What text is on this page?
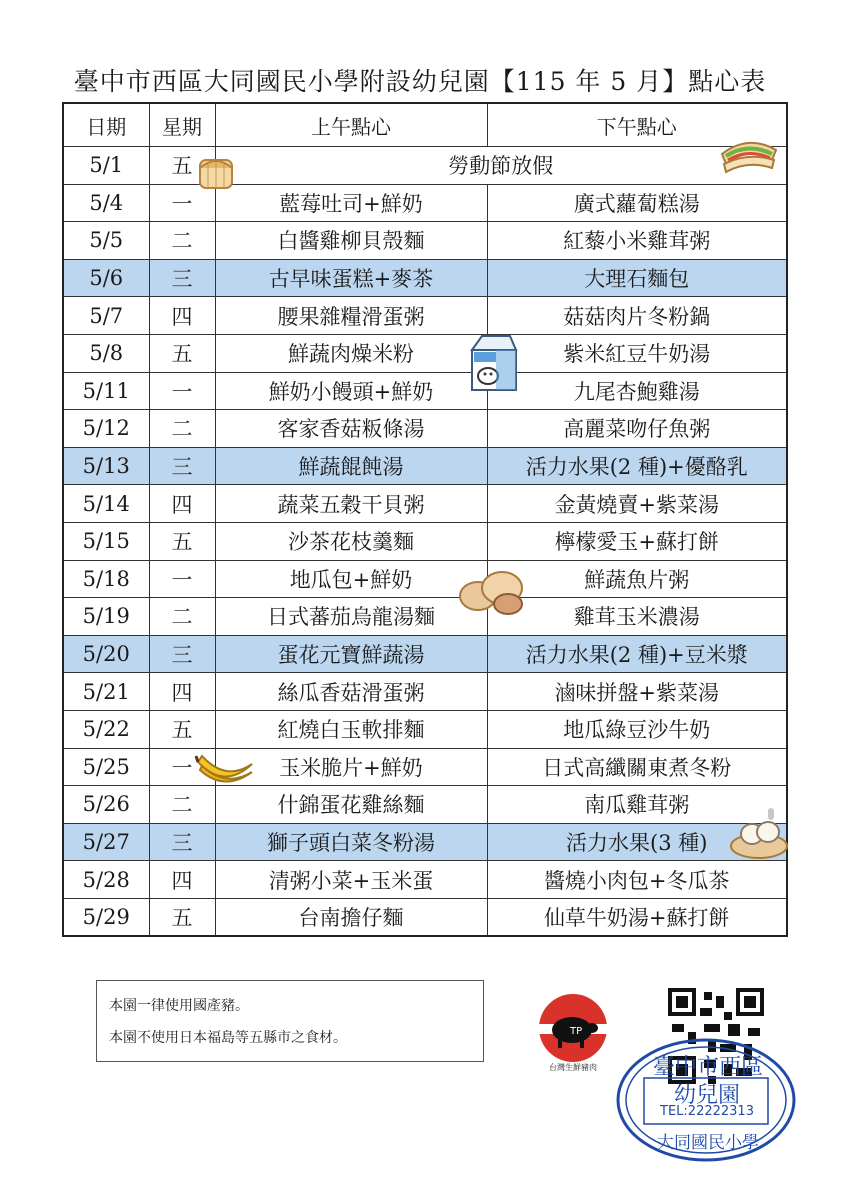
臺中市西區大同國民小學附設幼兒園【115 年 5 月】點心表
日期	星期	上午點心	下午點心
5/1	五	勞動節放假	
5/4	一	藍莓吐司+鮮奶	廣式蘿蔔糕湯
5/5	二	白醬雞柳貝殼麵	紅藜小米雞茸粥
5/6	三	古早味蛋糕+麥茶	大理石麵包
5/7	四	腰果雜糧滑蛋粥	菇菇肉片冬粉鍋
5/8	五	鮮蔬肉燥米粉	紫米紅豆牛奶湯
5/11	一	鮮奶小饅頭+鮮奶	九尾杏鮑雞湯
5/12	二	客家香菇粄條湯	高麗菜吻仔魚粥
5/13	三	鮮蔬餛飩湯	活力水果(2 種)+優酪乳
5/14	四	蔬菜五穀干貝粥	金黃燒賣+紫菜湯
5/15	五	沙茶花枝羹麵	檸檬愛玉+蘇打餅
5/18	一	地瓜包+鮮奶	鮮蔬魚片粥
5/19	二	日式蕃茄烏龍湯麵	雞茸玉米濃湯
5/20	三	蛋花元寶鮮蔬湯	活力水果(2 種)+豆米漿
5/21	四	絲瓜香菇滑蛋粥	滷味拼盤+紫菜湯
5/22	五	紅燒白玉軟排麵	地瓜綠豆沙牛奶
5/25	一	玉米脆片+鮮奶	日式高纖關東煮冬粉
5/26	二	什錦蛋花雞絲麵	南瓜雞茸粥
5/27	三	獅子頭白菜冬粉湯	活力水果(3 種)
5/28	四	清粥小菜+玉米蛋	醬燒小肉包+冬瓜茶
5/29	五	台南擔仔麵	仙草牛奶湯+蘇打餅
本園一律使用國產豬。
本園不使用日本福島等五縣市之食材。	TP
台灣生鮮豬肉	臺中市西區
幼兒園
TEL:22222313
大同國民小學
